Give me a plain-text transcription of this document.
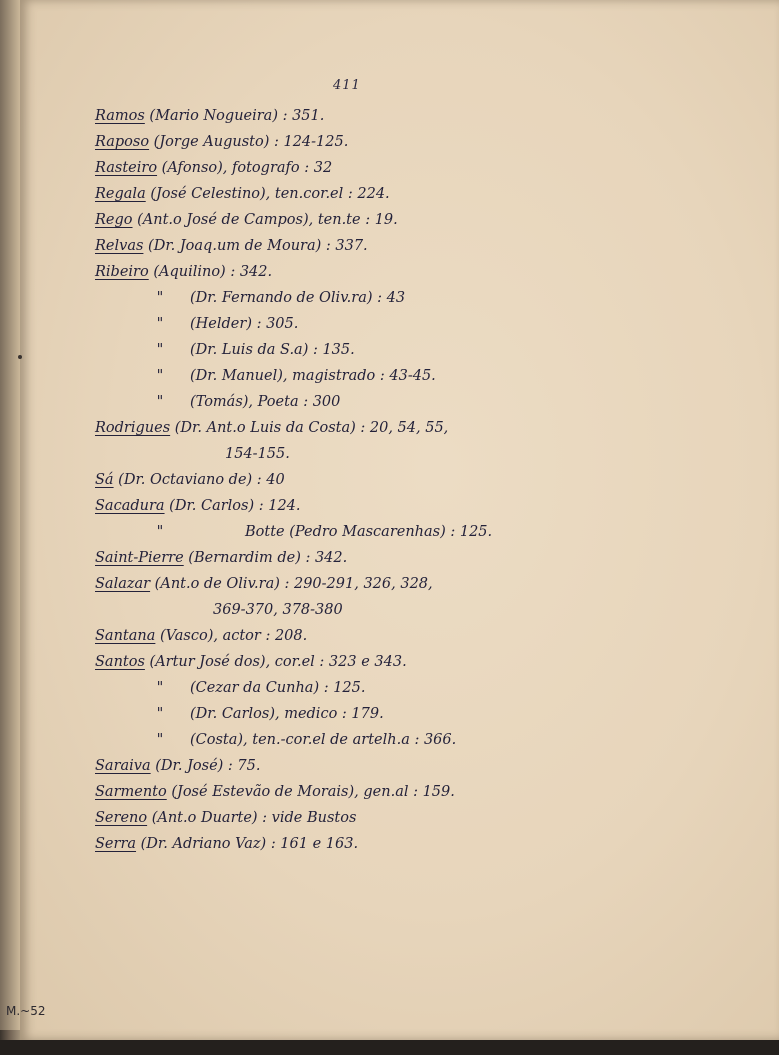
411
Ramos (Mario Nogueira) : 351.
Raposo (Jorge Augusto) : 124-125.
Rasteiro (Afonso), fotografo : 32
Regala (José Celestino), ten.cor.el : 224.
Rego (Ant.o José de Campos), ten.te : 19.
Relvas (Dr. Joaq.um de Moura) : 337.
Ribeiro (Aquilino) : 342.
" (Dr. Fernando de Oliv.ra) : 43
" (Helder) : 305.
" (Dr. Luis da S.a) : 135.
" (Dr. Manuel), magistrado : 43-45.
" (Tomás), Poeta : 300
Rodrigues (Dr. Ant.o Luis da Costa) : 20, 54, 55,
154-155.
Sá (Dr. Octaviano de) : 40
Sacadura (Dr. Carlos) : 124.
"	Botte (Pedro Mascarenhas) : 125.
Saint-Pierre (Bernardim de) : 342.
Salazar (Ant.o de Oliv.ra) : 290-291, 326, 328,
369-370, 378-380
Santana (Vasco), actor : 208.
Santos (Artur José dos), cor.el : 323 e 343.
" (Cezar da Cunha) : 125.
" (Dr. Carlos), medico : 179.
" (Costa), ten.-cor.el de artelh.a : 366.
Saraiva (Dr. José) : 75.
Sarmento (José Estevão de Morais), gen.al : 159.
Sereno (Ant.o Duarte) : vide Bustos
Serra (Dr. Adriano Vaz) : 161 e 163.
M.~52
